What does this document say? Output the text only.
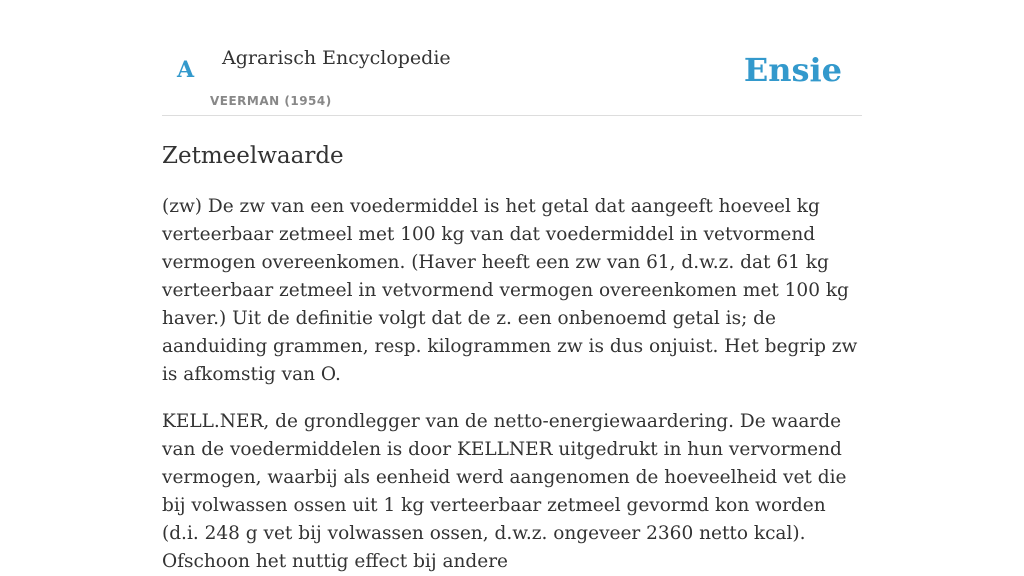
A Agrarisch Encyclopedie
VEERMAN (1954)
Ensie
Zetmeelwaarde

(zw) De zw van een voedermiddel is het getal dat aangeeft hoeveel kg verteerbaar zetmeel met 100 kg van dat voedermiddel in vetvormend vermogen overeenkomen. (Haver heeft een zw van 61, d.w.z. dat 61 kg verteerbaar zetmeel in vetvormend vermogen overeenkomen met 100 kg haver.) Uit de definitie volgt dat de z. een onbenoemd getal is; de aanduiding grammen, resp. kilogrammen zw is dus onjuist. Het begrip zw is afkomstig van O.

KELL.NER, de grondlegger van de netto-energiewaardering. De waarde van de voedermiddelen is door KELLNER uitgedrukt in hun vervormend vermogen, waarbij als eenheid werd aangenomen de hoeveelheid vet die bij volwassen ossen uit 1 kg verteerbaar zetmeel gevormd kon worden (d.i. 248 g vet bij volwassen ossen, d.w.z. ongeveer 2360 netto kcal). Ofschoon het nuttig effect bij andere
